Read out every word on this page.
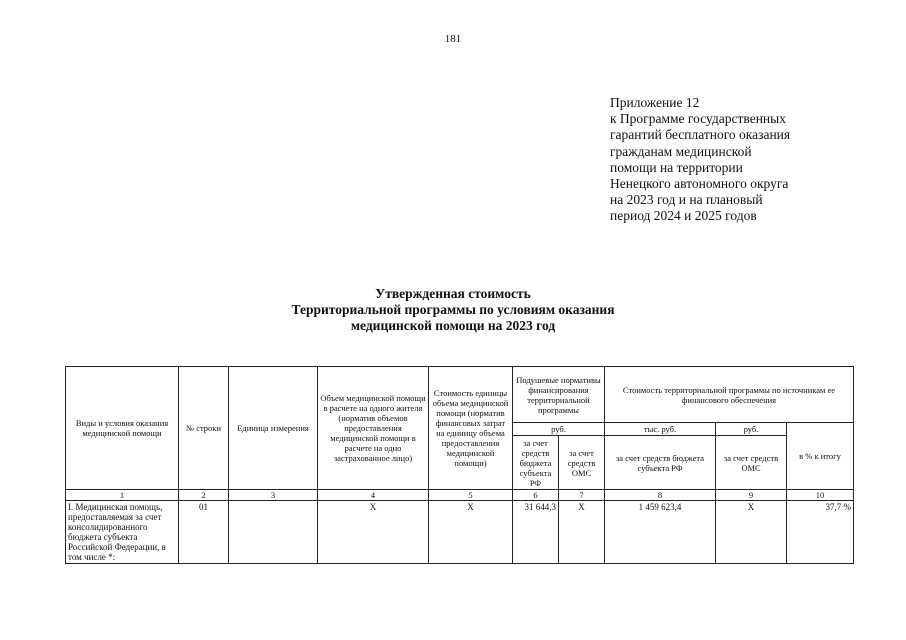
181
Приложение 12
к Программе государственных
гарантий бесплатного оказания
гражданам медицинской
помощи на территории
Ненецкого автономного округа
на 2023 год и на плановый
период 2024 и 2025 годов
Утвержденная стоимость
Территориальной программы по условиям оказания
медицинской помощи на 2023 год
Виды и условия оказания медицинской помощи	№ строки	Единица измерения	Объем медицинской помощи в расчете на одного жителя (норматив объемов предоставления медицинской помощи в расчете на одно застрахованное лицо)	Стоимость единицы объема медицинской помощи (норматив финансовых затрат на единицу объема предоставления медицинской помощи)	Подушевые нормативы финансирования территориальной программы		Стоимость территориальной программы по источникам ее финансового обеспечения		
					руб.		тыс. руб.	руб.	в % к итогу
					за счет средств бюджета субъекта РФ	за счет средств ОМС	за счет средств бюджета субъекта РФ	за счет средств ОМС	
1	2	3	4	5	6	7	8	9	10
I. Медицинская помощь, предоставляемая за счет консолидированного бюджета субъекта Российской Федерации, в том числе *:	01		X	X	31 644,3	X	1 459 623,4	X	37,7 %
